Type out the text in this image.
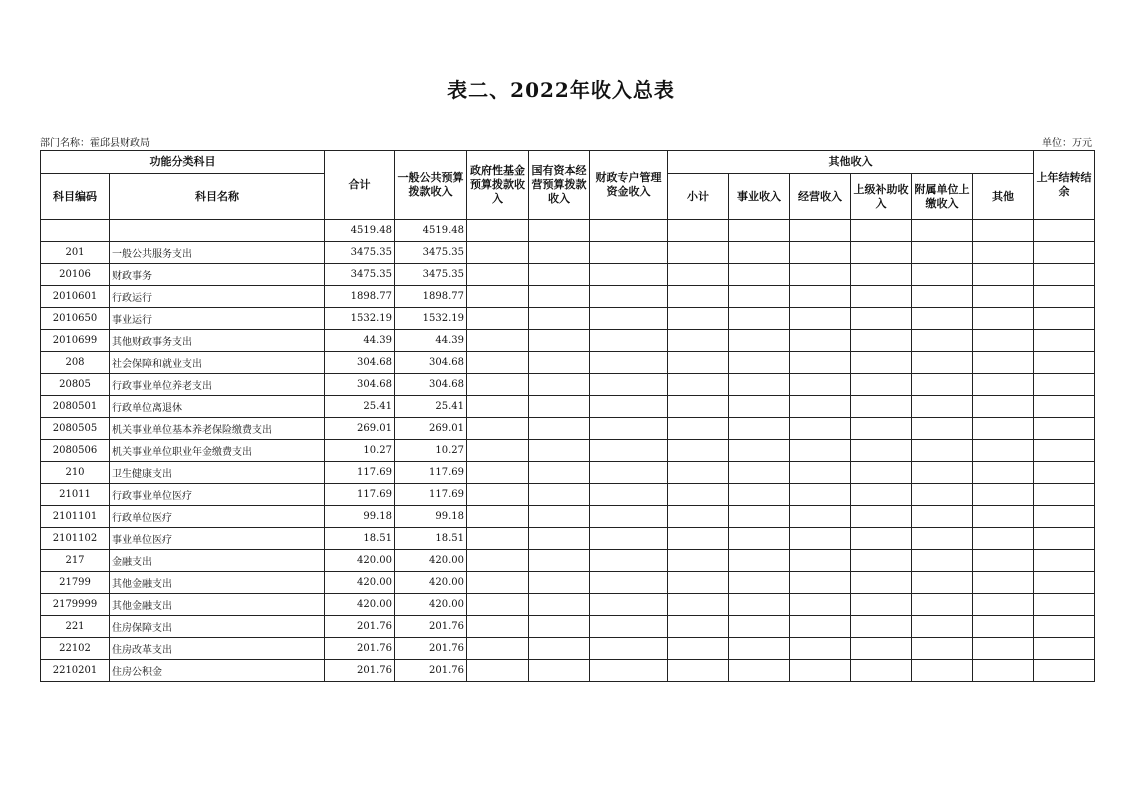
表二、2022年收入总表
部门名称：霍邱县财政局	单位：万元
功能分类科目		合计	一般公共预算拨款收入	政府性基金预算拨款收入	国有资本经营预算拨款收入	财政专户管理资金收入	其他收入						上年结转结余
科目编码	科目名称						小计	事业收入	经营收入	上级补助收入	附属单位上缴收入	其他	
		4519.48	4519.48										
201	一般公共服务支出	3475.35	3475.35										
20106	财政事务	3475.35	3475.35										
2010601	行政运行	1898.77	1898.77										
2010650	事业运行	1532.19	1532.19										
2010699	其他财政事务支出	44.39	44.39										
208	社会保障和就业支出	304.68	304.68										
20805	行政事业单位养老支出	304.68	304.68										
2080501	行政单位离退休	25.41	25.41										
2080505	机关事业单位基本养老保险缴费支出	269.01	269.01										
2080506	机关事业单位职业年金缴费支出	10.27	10.27										
210	卫生健康支出	117.69	117.69										
21011	行政事业单位医疗	117.69	117.69										
2101101	行政单位医疗	99.18	99.18										
2101102	事业单位医疗	18.51	18.51										
217	金融支出	420.00	420.00										
21799	其他金融支出	420.00	420.00										
2179999	其他金融支出	420.00	420.00										
221	住房保障支出	201.76	201.76										
22102	住房改革支出	201.76	201.76										
2210201	住房公积金	201.76	201.76										
